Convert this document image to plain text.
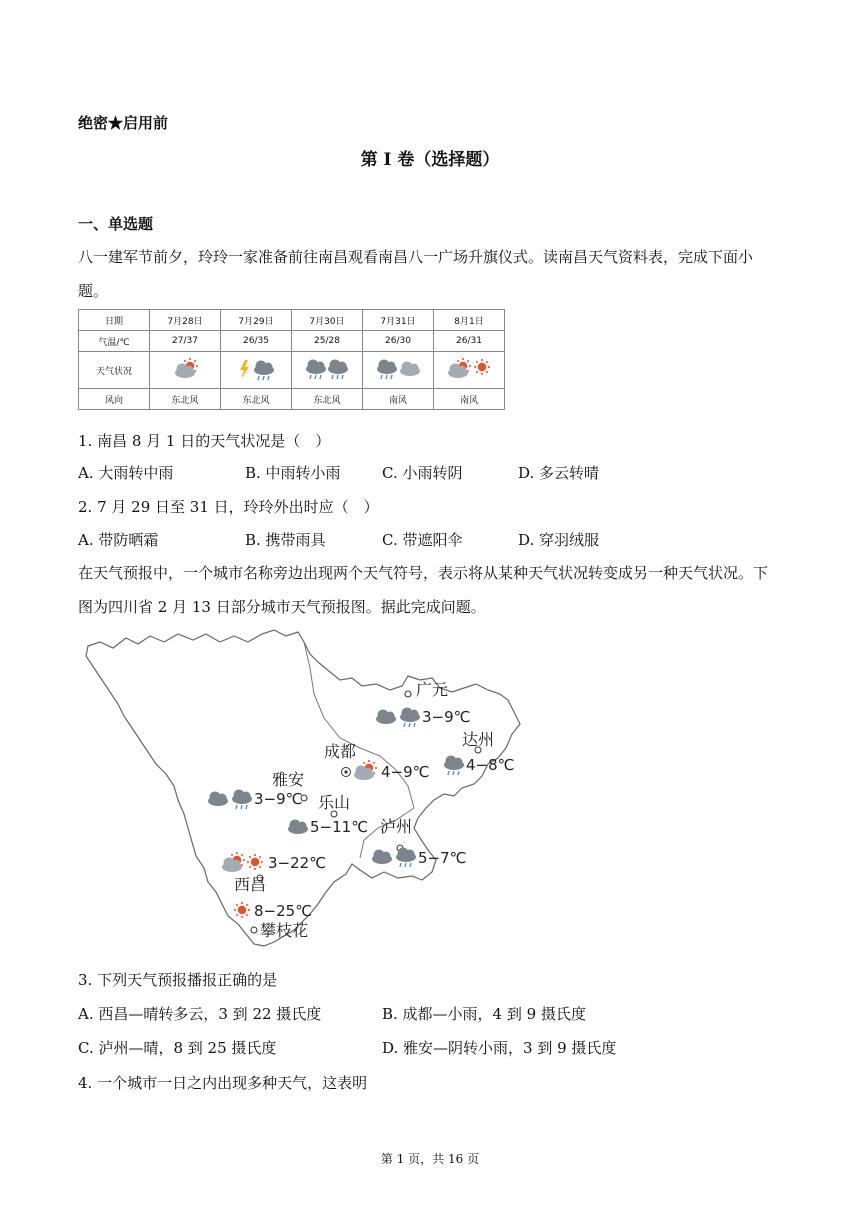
绝密★启用前
第 I 卷（选择题）
一、单选题
八一建军节前夕，玲玲一家准备前往南昌观看南昌八一广场升旗仪式。读南昌天气资料表，完成下面小
题。
日期	7月28日	7月29日	7月30日	7月31日	8月1日
气温/℃	27/37	26/35	25/28	26/30	26/31
天气状况					
风向	东北风	东北风	东北风	南风	南风
1. 南昌 8 月 1 日的天气状况是（　）
A. 大雨转中雨	B. 中雨转小雨	C. 小雨转阴	D. 多云转晴
2. 7 月 29 日至 31 日，玲玲外出时应（　）
A. 带防晒霜	B. 携带雨具	C. 带遮阳伞	D. 穿羽绒服
在天气预报中，一个城市名称旁边出现两个天气符号，表示将从某种天气状况转变成另一种天气状况。下
图为四川省 2 月 13 日部分城市天气预报图。据此完成问题。
广元
3−9℃
达州
4−8℃
成都
4−9℃
雅安
3−9℃ 乐山
5−11℃ 泸州
5−7℃
西昌
3−22℃
攀枝花
8−25℃
3. 下列天气预报播报正确的是
A. 西昌—晴转多云，3 到 22 摄氏度	B. 成都—小雨，4 到 9 摄氏度
C. 泸州—晴，8 到 25 摄氏度	D. 雅安—阴转小雨，3 到 9 摄氏度
4. 一个城市一日之内出现多种天气，这表明
第 1 页，共 16 页
